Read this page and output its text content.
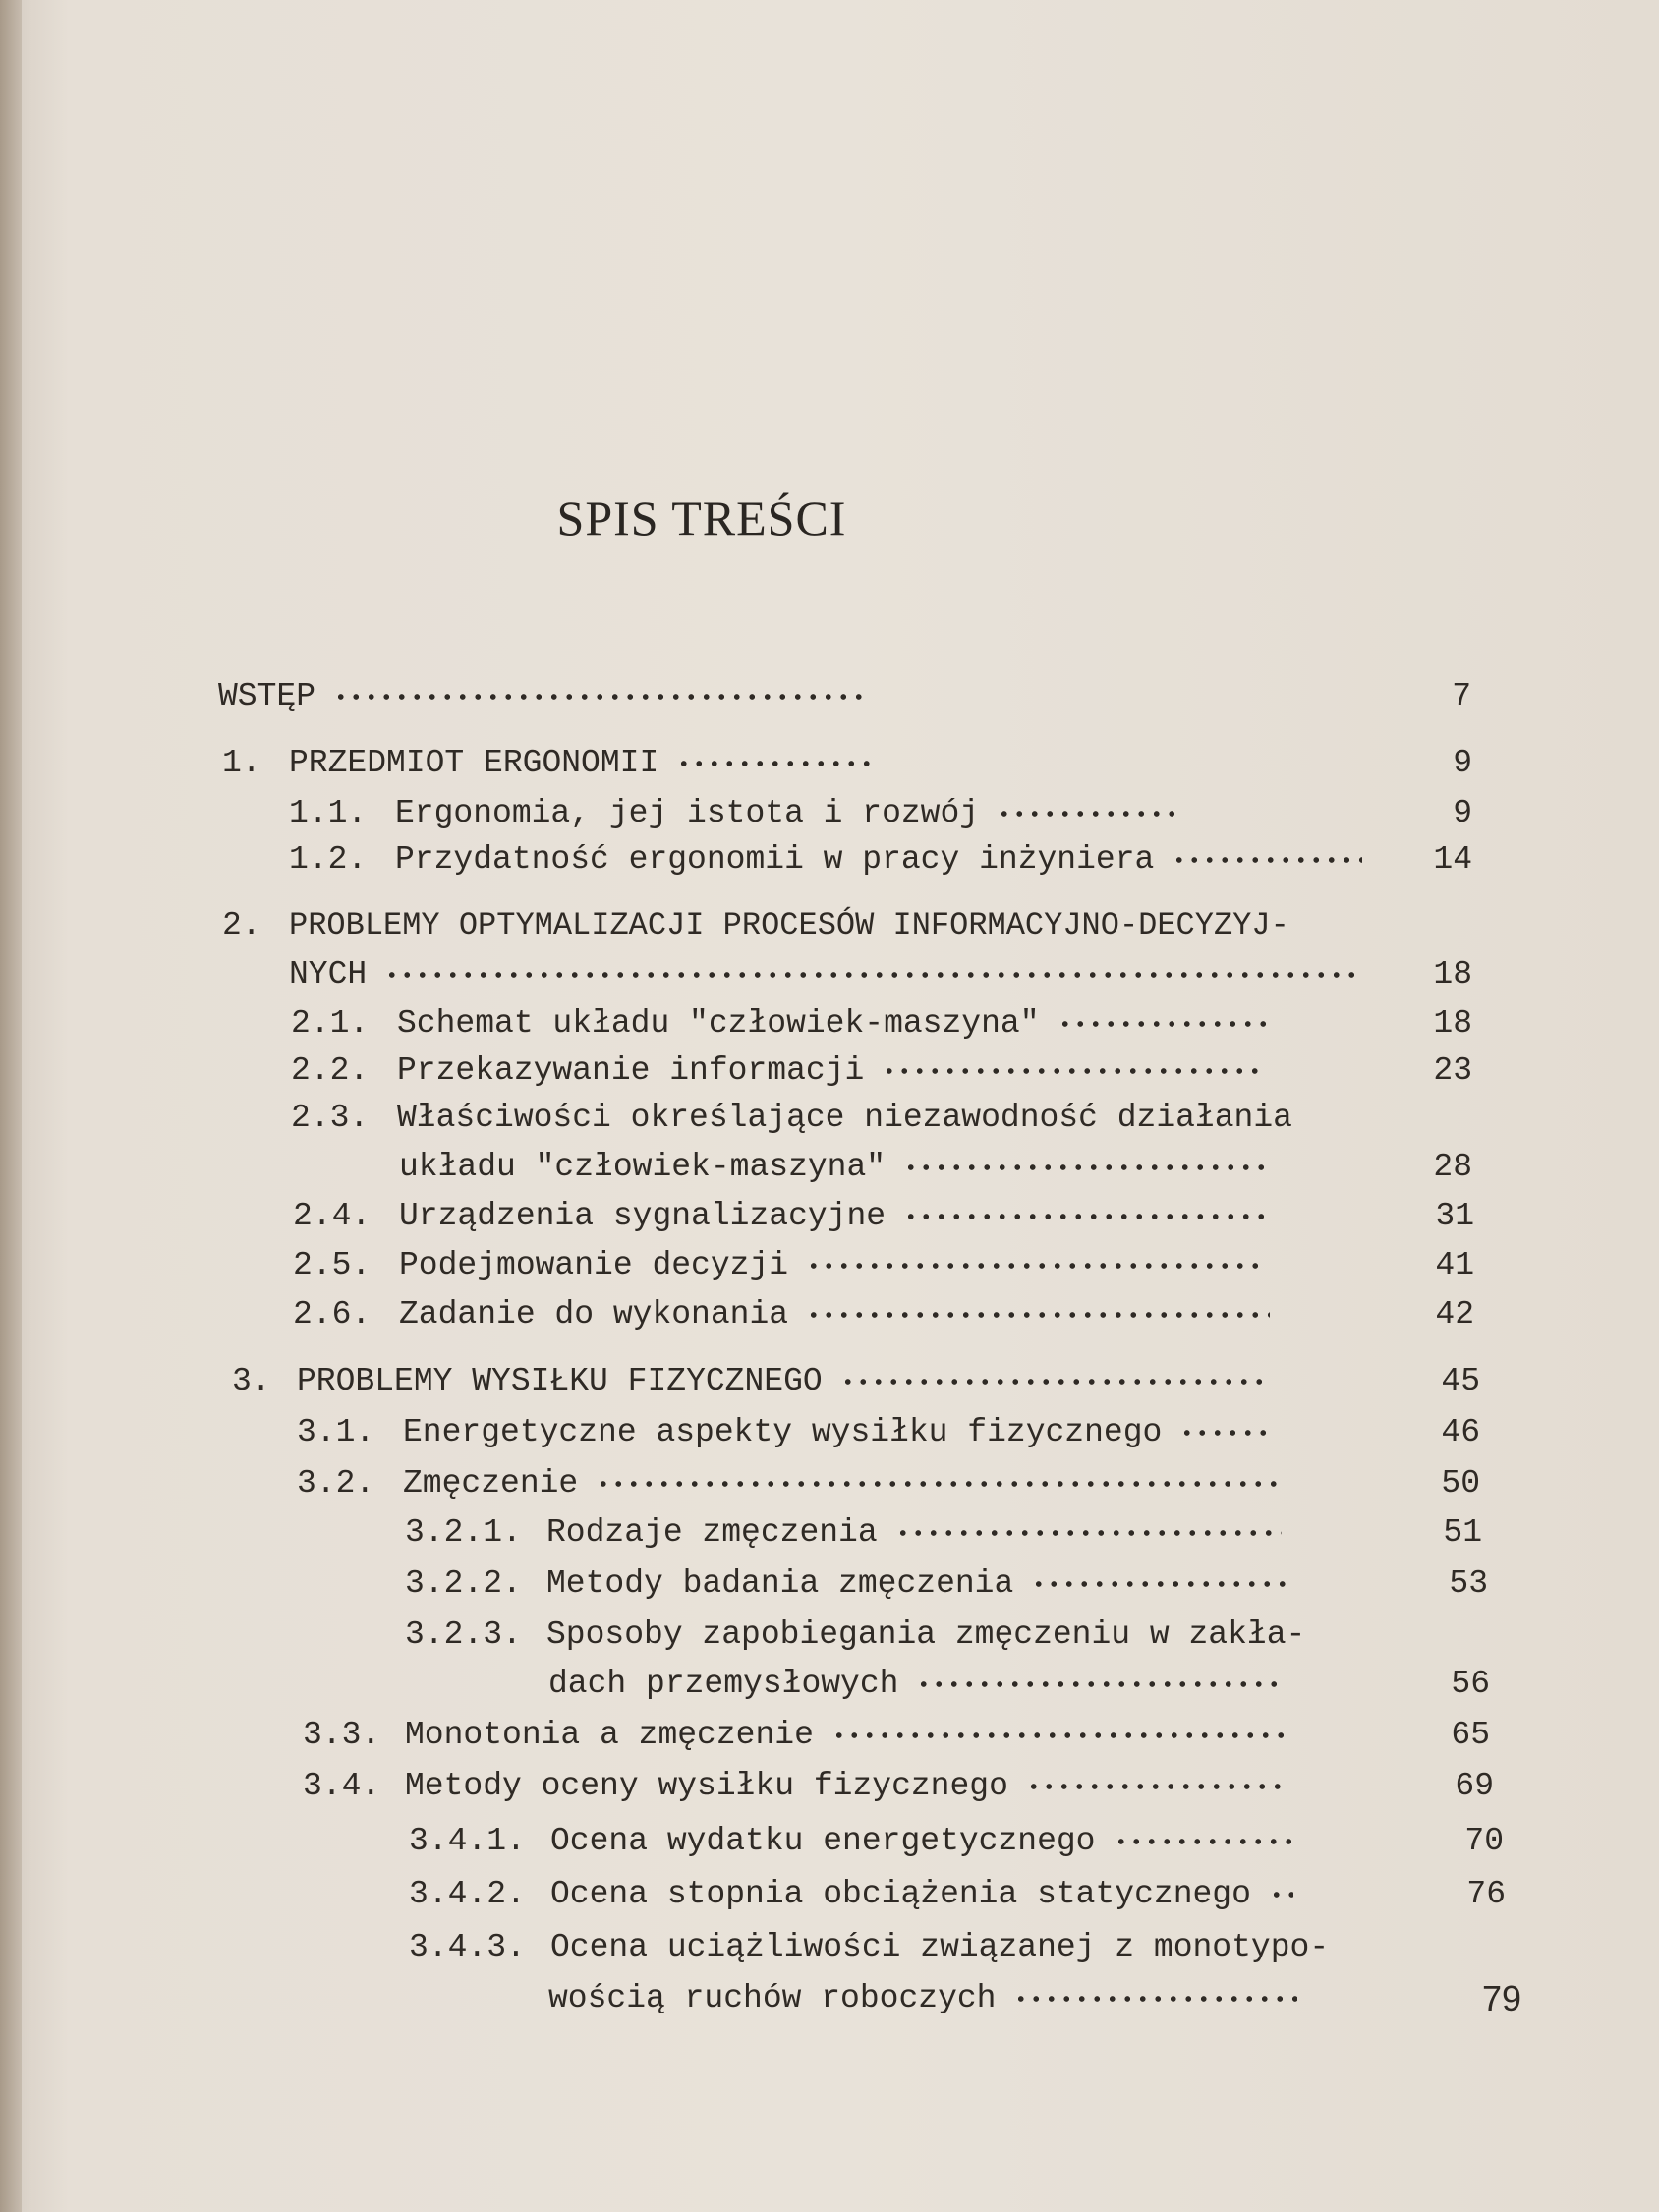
SPIS TREŚCI
WSTĘP	7
1. PRZEDMIOT ERGONOMII	9
1.1. Ergonomia, jej istota i rozwój	9
1.2. Przydatność ergonomii w pracy inżyniera	14
2. PROBLEMY OPTYMALIZACJI PROCESÓW INFORMACYJNO-DECYZYJ-
NYCH	18
2.1. Schemat układu "człowiek-maszyna"	18
2.2. Przekazywanie informacji	23
2.3. Właściwości określające niezawodność działania
układu "człowiek-maszyna"	28
2.4. Urządzenia sygnalizacyjne	31
2.5. Podejmowanie decyzji	41
2.6. Zadanie do wykonania	42
3. PROBLEMY WYSIŁKU FIZYCZNEGO	45
3.1. Energetyczne aspekty wysiłku fizycznego	46
3.2. Zmęczenie	50
3.2.1. Rodzaje zmęczenia	51
3.2.2. Metody badania zmęczenia	53
3.2.3. Sposoby zapobiegania zmęczeniu w zakła-
dach przemysłowych	56
3.3. Monotonia a zmęczenie	65
3.4. Metody oceny wysiłku fizycznego	69
3.4.1. Ocena wydatku energetycznego	70
3.4.2. Ocena stopnia obciążenia statycznego	76
3.4.3. Ocena uciążliwości związanej z monotypo-
wością ruchów roboczych	79
